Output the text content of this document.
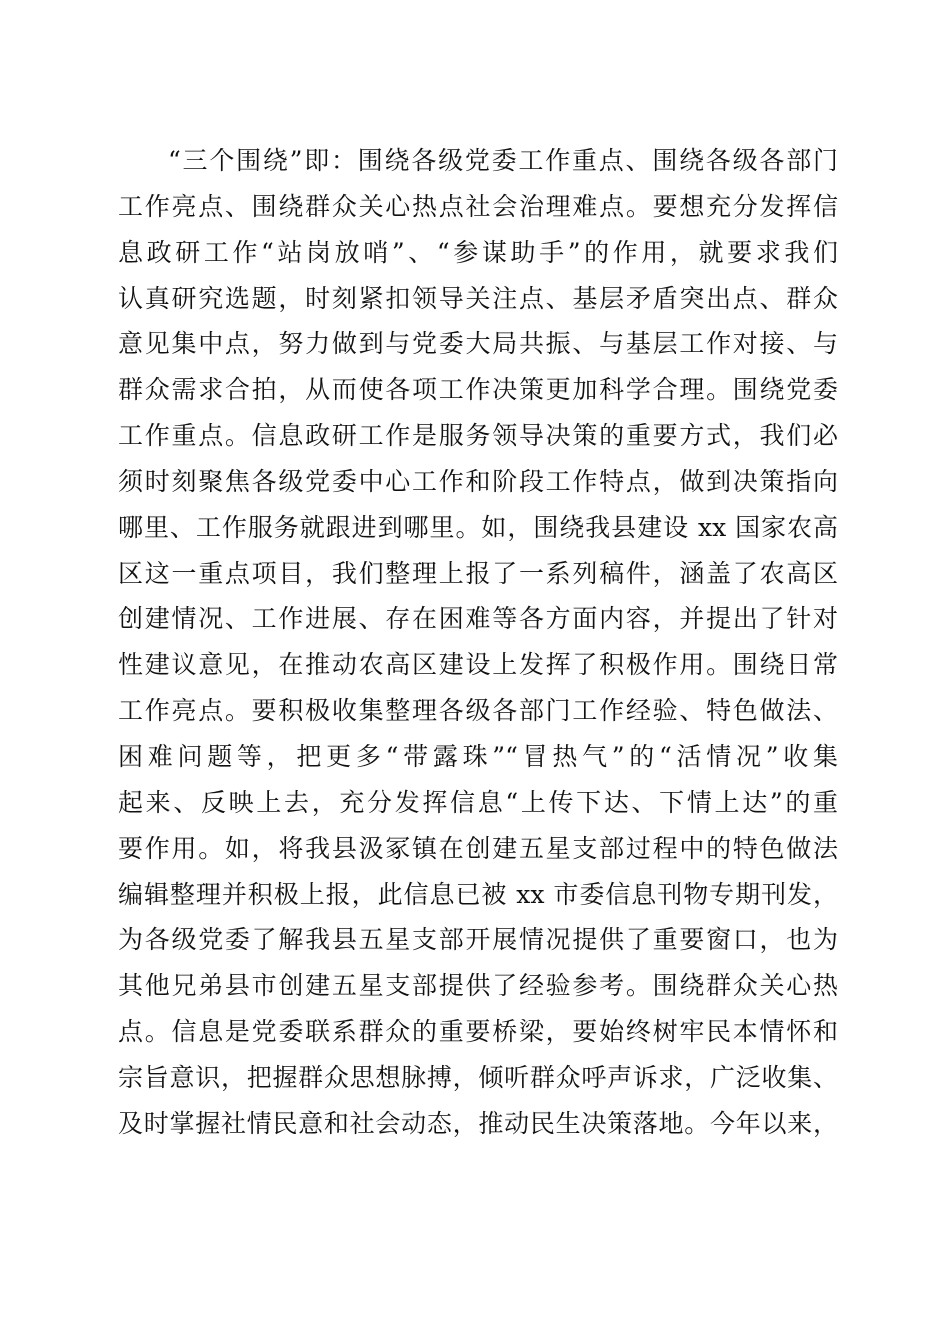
“三个围绕”即：围绕各级党委工作重点、围绕各级各部门
工作亮点、围绕群众关心热点社会治理难点。要想充分发挥信
息政研工作“站岗放哨”、“参谋助手”的作用，就要求我们
认真研究选题，时刻紧扣领导关注点、基层矛盾突出点、群众
意见集中点，努力做到与党委大局共振、与基层工作对接、与
群众需求合拍，从而使各项工作决策更加科学合理。围绕党委
工作重点。信息政研工作是服务领导决策的重要方式，我们必
须时刻聚焦各级党委中心工作和阶段工作特点，做到决策指向
哪里、工作服务就跟进到哪里。如，围绕我县建设 xx 国家农高
区这一重点项目，我们整理上报了一系列稿件，涵盖了农高区
创建情况、工作进展、存在困难等各方面内容，并提出了针对
性建议意见，在推动农高区建设上发挥了积极作用。围绕日常
工作亮点。要积极收集整理各级各部门工作经验、特色做法、
困难问题等，把更多“带露珠”“冒热气”的“活情况”收集
起来、反映上去，充分发挥信息“上传下达、下情上达”的重
要作用。如，将我县汲冢镇在创建五星支部过程中的特色做法
编辑整理并积极上报，此信息已被 xx 市委信息刊物专期刊发，
为各级党委了解我县五星支部开展情况提供了重要窗口，也为
其他兄弟县市创建五星支部提供了经验参考。围绕群众关心热
点。信息是党委联系群众的重要桥梁，要始终树牢民本情怀和
宗旨意识，把握群众思想脉搏，倾听群众呼声诉求，广泛收集、
及时掌握社情民意和社会动态，推动民生决策落地。今年以来，
